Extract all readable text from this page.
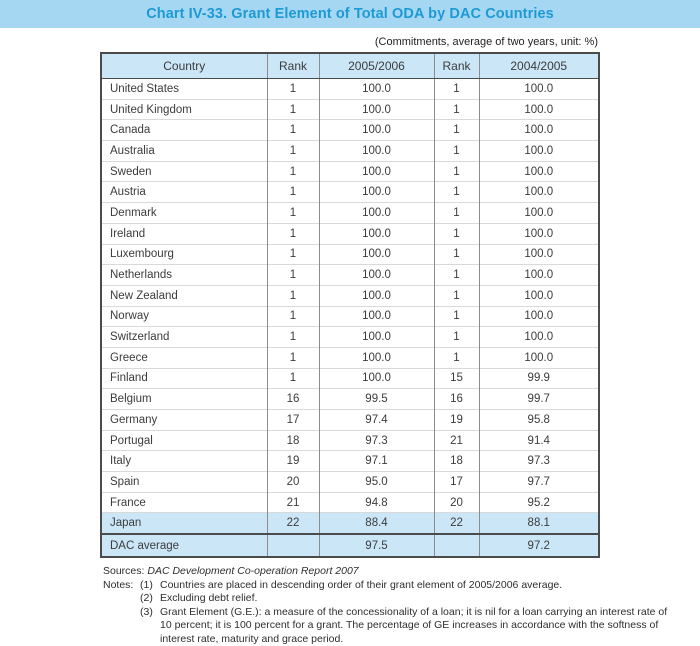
Chart IV-33. Grant Element of Total ODA by DAC Countries
(Commitments, average of two years, unit: %)
Country	Rank	2005/2006	Rank	2004/2005
United States	1	100.0	1	100.0
United Kingdom	1	100.0	1	100.0
Canada	1	100.0	1	100.0
Australia	1	100.0	1	100.0
Sweden	1	100.0	1	100.0
Austria	1	100.0	1	100.0
Denmark	1	100.0	1	100.0
Ireland	1	100.0	1	100.0
Luxembourg	1	100.0	1	100.0
Netherlands	1	100.0	1	100.0
New Zealand	1	100.0	1	100.0
Norway	1	100.0	1	100.0
Switzerland	1	100.0	1	100.0
Greece	1	100.0	1	100.0
Finland	1	100.0	15	99.9
Belgium	16	99.5	16	99.7
Germany	17	97.4	19	95.8
Portugal	18	97.3	21	91.4
Italy	19	97.1	18	97.3
Spain	20	95.0	17	97.7
France	21	94.8	20	95.2
Japan	22	88.4	22	88.1
DAC average		97.5		97.2
Sources: DAC Development Co-operation Report 2007
Notes: (1) Countries are placed in descending order of their grant element of 2005/2006 average.
(2) Excluding debt relief.
(3) Grant Element (G.E.): a measure of the concessionality of a loan; it is nil for a loan carrying an interest rate of 10 percent; it is 100 percent for a grant. The percentage of GE increases in accordance with the softness of interest rate, maturity and grace period.
